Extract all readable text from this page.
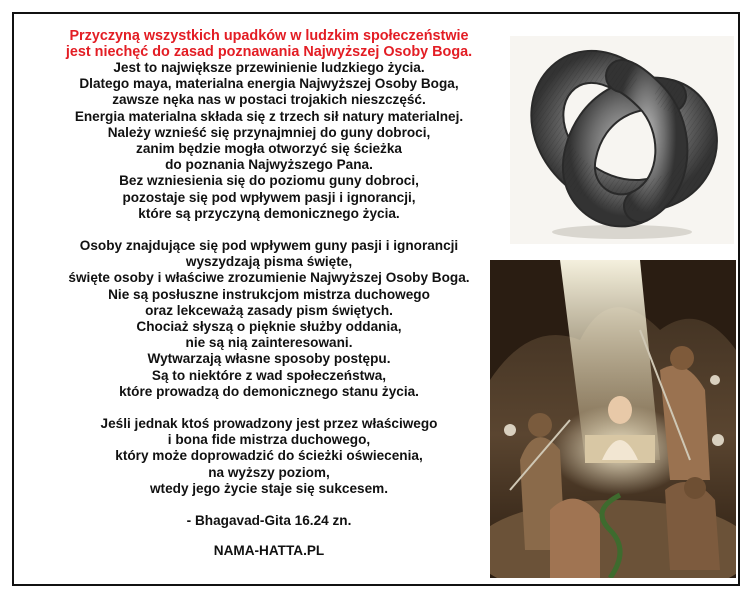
Przyczyną wszystkich upadków w ludzkim społeczeństwie
jest niechęć do zasad poznawania Najwyższej Osoby Boga.
Jest to największe przewinienie ludzkiego życia.
Dlatego maya, materialna energia Najwyższej Osoby Boga,
zawsze nęka nas w postaci trojakich nieszczęść.
Energia materialna składa się z trzech sił natury materialnej.
Należy wznieść się przynajmniej do guny dobroci,
zanim będzie mogła otworzyć się ścieżka
do poznania Najwyższego Pana.
Bez wzniesienia się do poziomu guny dobroci,
pozostaje się pod wpływem pasji i ignorancji,
które są przyczyną demonicznego życia.
Osoby znajdujące się pod wpływem guny pasji i ignorancji
wyszydzają pisma święte,
święte osoby i właściwe zrozumienie Najwyższej Osoby Boga.
Nie są posłuszne instrukcjom mistrza duchowego
oraz lekceważą zasady pism świętych.
Chociaż słyszą o pięknie służby oddania,
nie są nią zainteresowani.
Wytwarzają własne sposoby postępu.
Są to niektóre z wad społeczeństwa,
które prowadzą do demonicznego stanu życia.
Jeśli jednak ktoś prowadzony jest przez właściwego
i bona fide mistrza duchowego,
który może doprowadzić do ścieżki oświecenia,
na wyższy poziom,
wtedy jego życie staje się sukcesem.
- Bhagavad-Gita 16.24 zn.
NAMA-HATTA.PL
